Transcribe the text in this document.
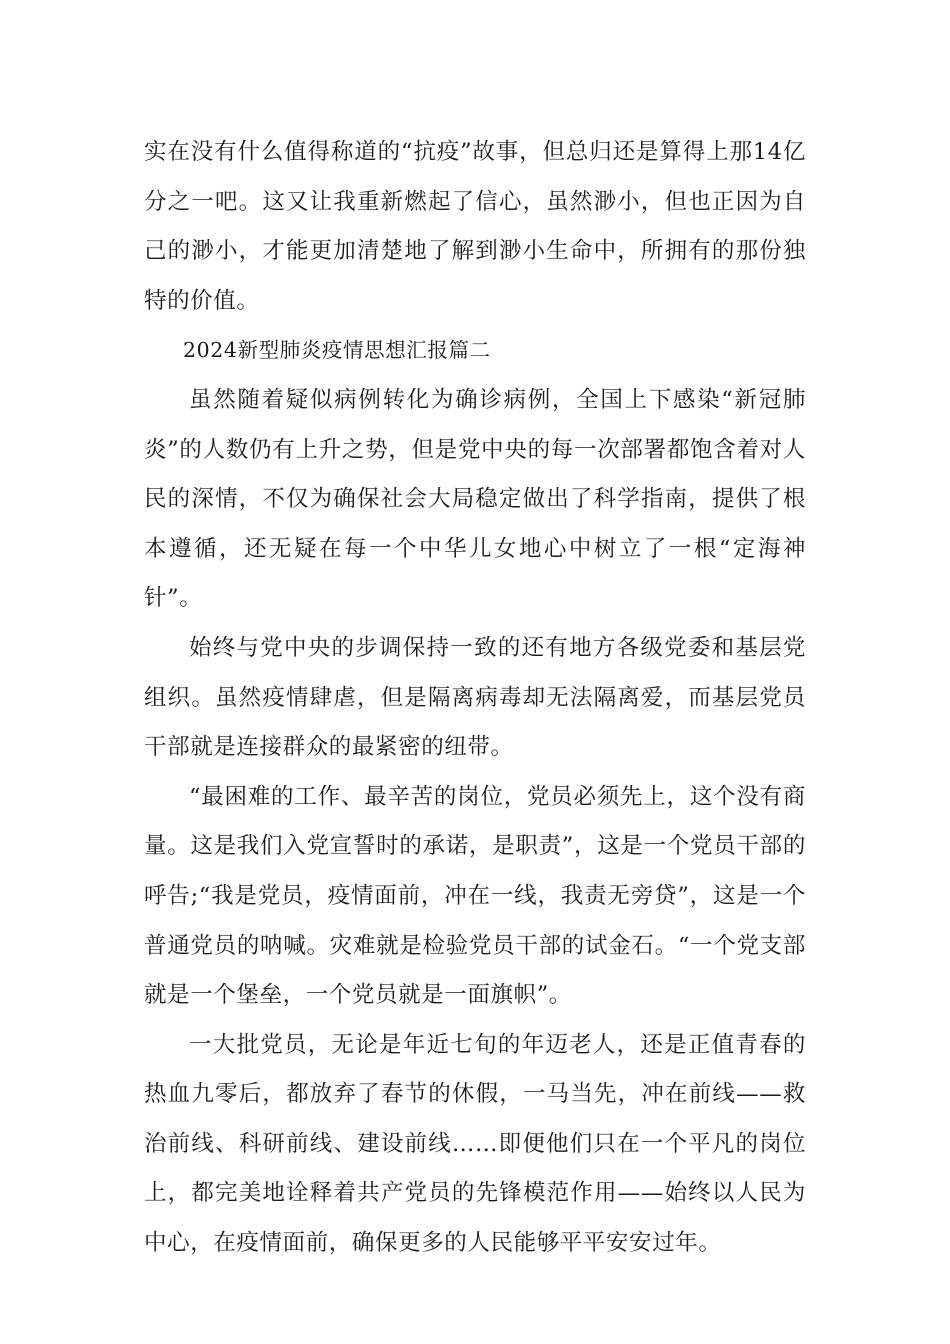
实在没有什么值得称道的“抗疫”故事，但总归还是算得上那14亿分之一吧。这又让我重新燃起了信心，虽然渺小，但也正因为自己的渺小，才能更加清楚地了解到渺小生命中，所拥有的那份独特的价值。

2024新型肺炎疫情思想汇报篇二

虽然随着疑似病例转化为确诊病例，全国上下感染“新冠肺炎”的人数仍有上升之势，但是党中央的每一次部署都饱含着对人民的深情，不仅为确保社会大局稳定做出了科学指南，提供了根本遵循，还无疑在每一个中华儿女地心中树立了一根“定海神针”。

始终与党中央的步调保持一致的还有地方各级党委和基层党组织。虽然疫情肆虐，但是隔离病毒却无法隔离爱，而基层党员干部就是连接群众的最紧密的纽带。

“最困难的工作、最辛苦的岗位，党员必须先上，这个没有商量。这是我们入党宣誓时的承诺，是职责”，这是一个党员干部的呼告;“我是党员，疫情面前，冲在一线，我责无旁贷”，这是一个普通党员的呐喊。灾难就是检验党员干部的试金石。“一个党支部就是一个堡垒，一个党员就是一面旗帜”。

一大批党员，无论是年近七旬的年迈老人，还是正值青春的热血九零后，都放弃了春节的休假，一马当先，冲在前线——救治前线、科研前线、建设前线……即便他们只在一个平凡的岗位上，都完美地诠释着共产党员的先锋模范作用——始终以人民为中心，在疫情面前，确保更多的人民能够平平安安过年。
